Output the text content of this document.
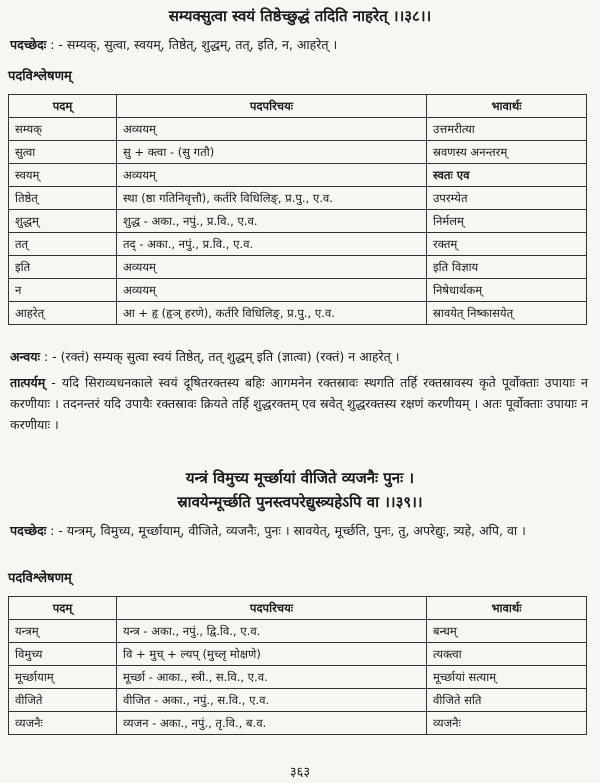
सम्यक्सुत्वा स्वयं तिष्ठेच्छुद्धं तदिति नाहरेत् ।।३८।।
पदच्छेदः : - सम्यक्, सुत्वा, स्वयम्, तिष्ठेत्, शुद्धम्, तत्, इति, न, आहरेत् ।
पदविश्लेषणम्
पदम्	पदपरिचयः	भावार्थः
सम्यक्	अव्ययम्	उत्तमरीत्या
सुत्वा	सु + क्त्वा - (सु गतौ)	स्रवणस्य अनन्तरम्
स्वयम्	अव्ययम्	स्वतः एव
तिष्ठेत्	स्था (ष्ठा गतिनिवृत्तौ), कर्तरि विधिलिङ्, प्र.पु., ए.व.	उपरम्येत
शुद्धम्	शुद्ध - अका., नपुं., प्र.वि., ए.व.	निर्मलम्
तत्	तद् - अका., नपुं., प्र.वि., ए.व.	रक्तम्
इति	अव्ययम्	इति विज्ञाय
न	अव्ययम्	निषेधार्थकम्
आहरेत्	आ + हृ (हृञ् हरणे), कर्तरि विधिलिङ्, प्र.पु., ए.व.	स्रावयेत् निष्कासयेत्
अन्वयः : - (रक्तं) सम्यक् सुत्वा स्वयं तिष्ठेत्, तत् शुद्धम् इति (ज्ञात्वा) (रक्तं) न आहरेत् ।
तात्पर्यम् - यदि सिराव्यधनकाले स्वयं दूषितरक्तस्य बहिः आगमनेन रक्तस्रावः स्थगति तर्हि रक्तस्रावस्य कृते पूर्वोक्ताः उपायाः न करणीयाः । तदनन्तरं यदि उपायैः रक्तस्रावः क्रियते तर्हि शुद्धरक्तम् एव स्रवेत् शुद्धरक्तस्य रक्षणं करणीयम् । अतः पूर्वोक्ताः उपायाः न करणीयाः ।
यन्त्रं विमुच्य मूर्च्छायां वीजिते व्यजनैः पुनः ।
स्रावयेन्मूर्च्छति पुनस्त्वपरेद्युस्त्र्यहेऽपि वा ।।३९।।
पदच्छेदः : - यन्त्रम्, विमुच्य, मूर्च्छायाम्, वीजिते, व्यजनैः, पुनः । स्रावयेत्, मूर्च्छति, पुनः, तु, अपरेद्युः, त्र्यहे, अपि, वा ।
पदविश्लेषणम्
पदम्	पदपरिचयः	भावार्थः
यन्त्रम्	यन्त्र - अका., नपुं., द्वि.वि., ए.व.	बन्धम्
विमुच्य	वि + मुच् + ल्यप् (मुच्लृ मोक्षणे)	त्यक्त्वा
मूर्च्छायाम्	मूर्च्छा - आका., स्त्री., स.वि., ए.व.	मूर्च्छायां सत्याम्
वीजिते	वीजित - अका., नपुं., स.वि., ए.व.	वीजिते सति
व्यजनैः	व्यजन - अका., नपुं., तृ.वि., ब.व.	व्यजनैः
३६३
